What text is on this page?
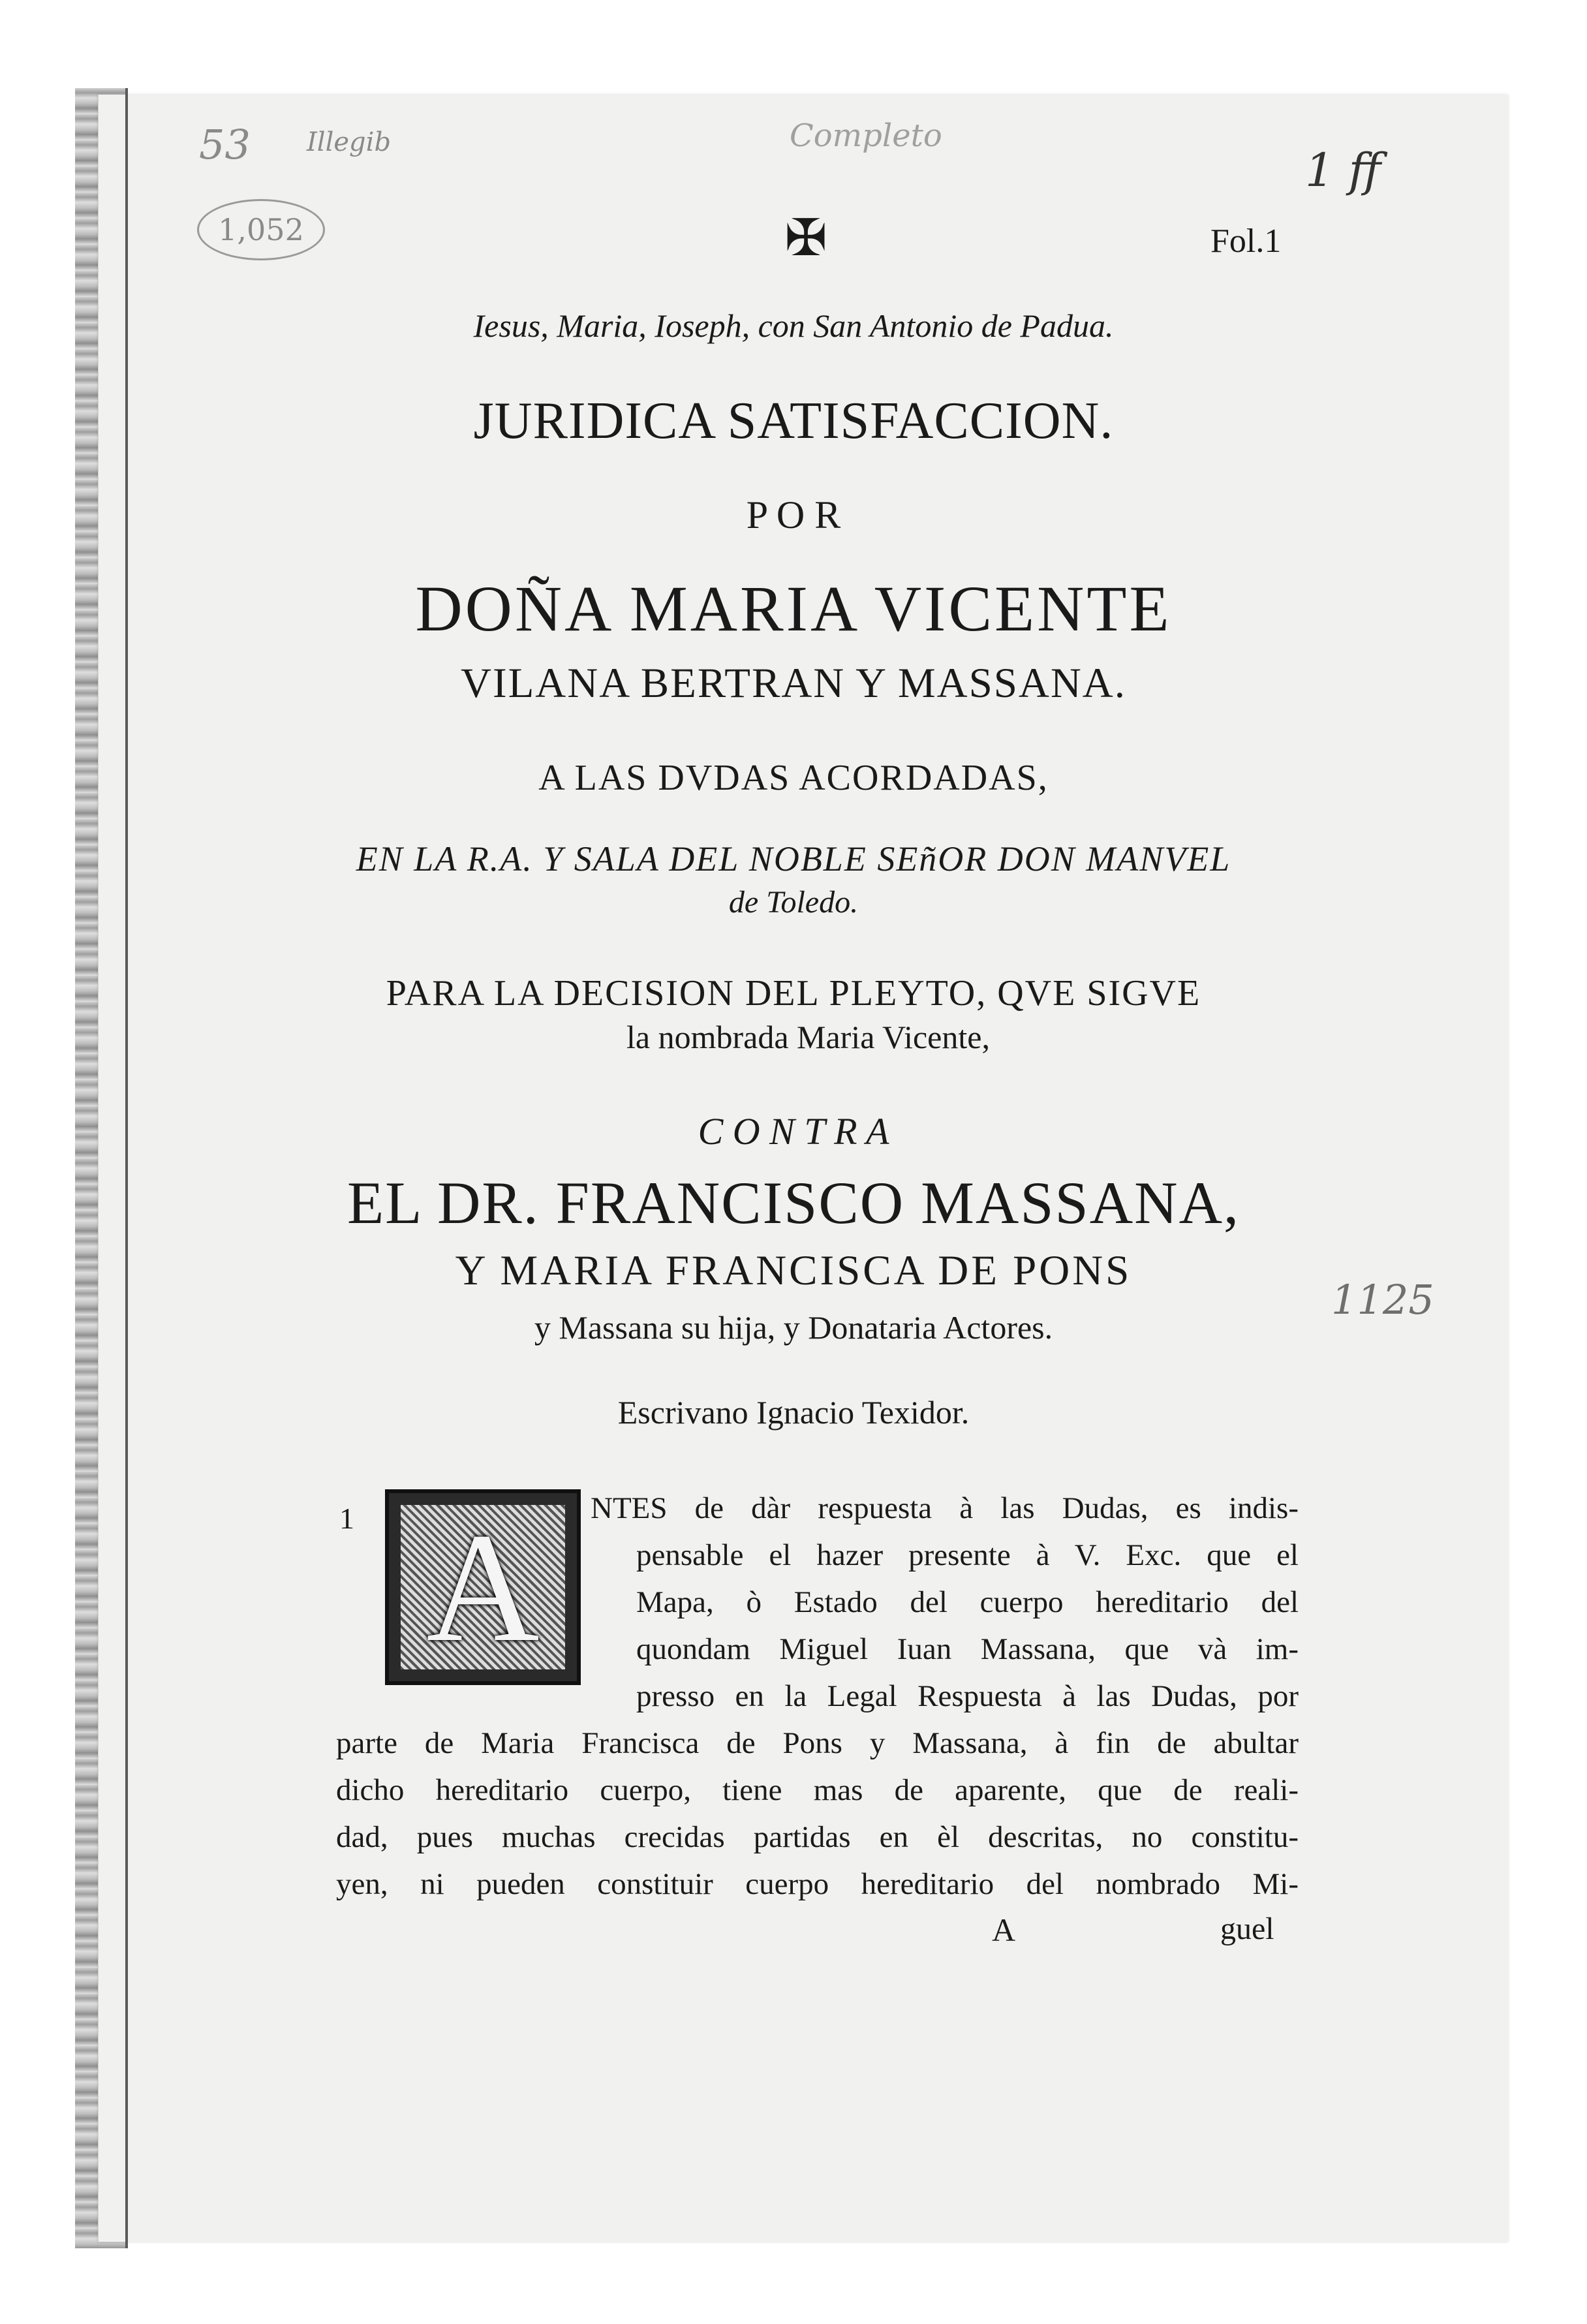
53 Illegib	Completo
1,052
1 ff
1125
✠	Fol.1
Iesus, Maria, Ioseph, con San Antonio de Padua.
JURIDICA SATISFACCION.
P O R
DOÑA MARIA VICENTE
VILANA BERTRAN Y MASSANA.
A LAS DVDAS ACORDADAS,
EN LA R.A. Y SALA DEL NOBLE SEñOR DON MANVEL
de Toledo.
PARA LA DECISION DEL PLEYTO, QVE SIGVE
la nombrada Maria Vicente,
C O N T R A
EL DR. FRANCISCO MASSANA,
Y MARIA FRANCISCA DE PONS
y Massana su hija, y Donataria Actores.
Escrivano Ignacio Texidor.
1 A NTES de dàr respuesta à las Dudas, es indis-
pensable el hazer presente à V. Exc. que el
Mapa, ò Estado del cuerpo hereditario del
quondam Miguel Iuan Massana, que và im-
presso en la Legal Respuesta à las Dudas, por
parte de Maria Francisca de Pons y Massana, à fin de abultar
dicho hereditario cuerpo, tiene mas de aparente, que de reali-
dad, pues muchas crecidas partidas en èl descritas, no constitu-
yen, ni pueden constituir cuerpo hereditario del nombrado Mi-
A	guel
